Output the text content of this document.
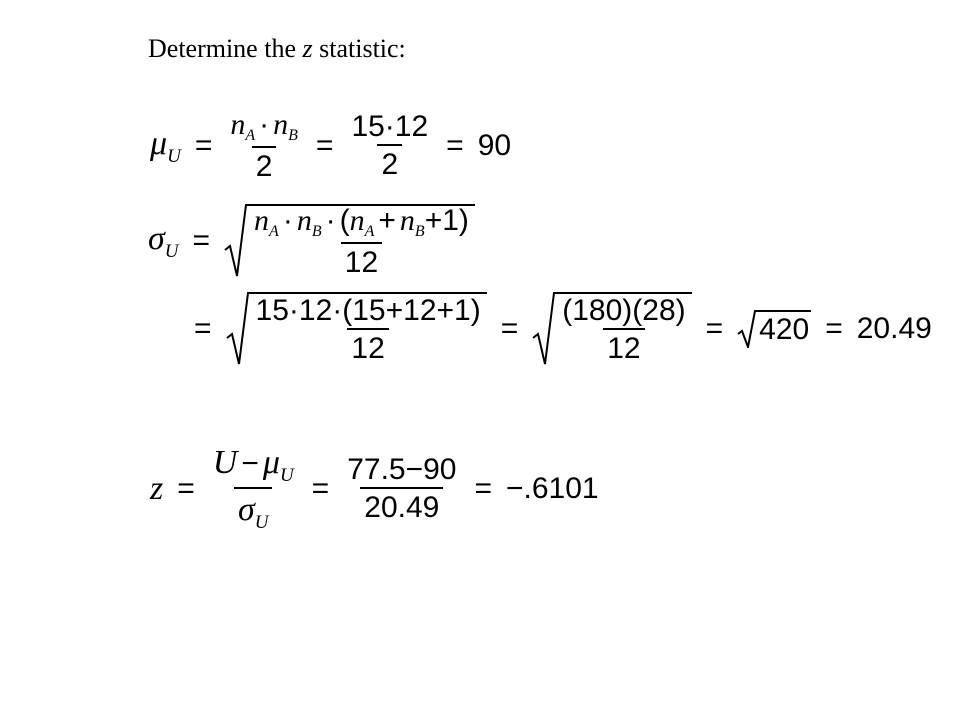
Determine the z statistic:
$\mu U = \frac{n_A \cdot n_B}{2} = \frac{15\cdot 12}{2} = 90$
$\sigma U = \frac{n_A \cdot n_B \cdot (n_A + n_B+1)}{12}$
= $\frac{15\cdot 12\cdot(15+12+1)}{12} = \frac{(180)(28)}{12} = 420 = 20.49$
$z = \frac{U - \mu U}{\sigma U} = \frac{77.5-90}{20.49} = -.6101$
